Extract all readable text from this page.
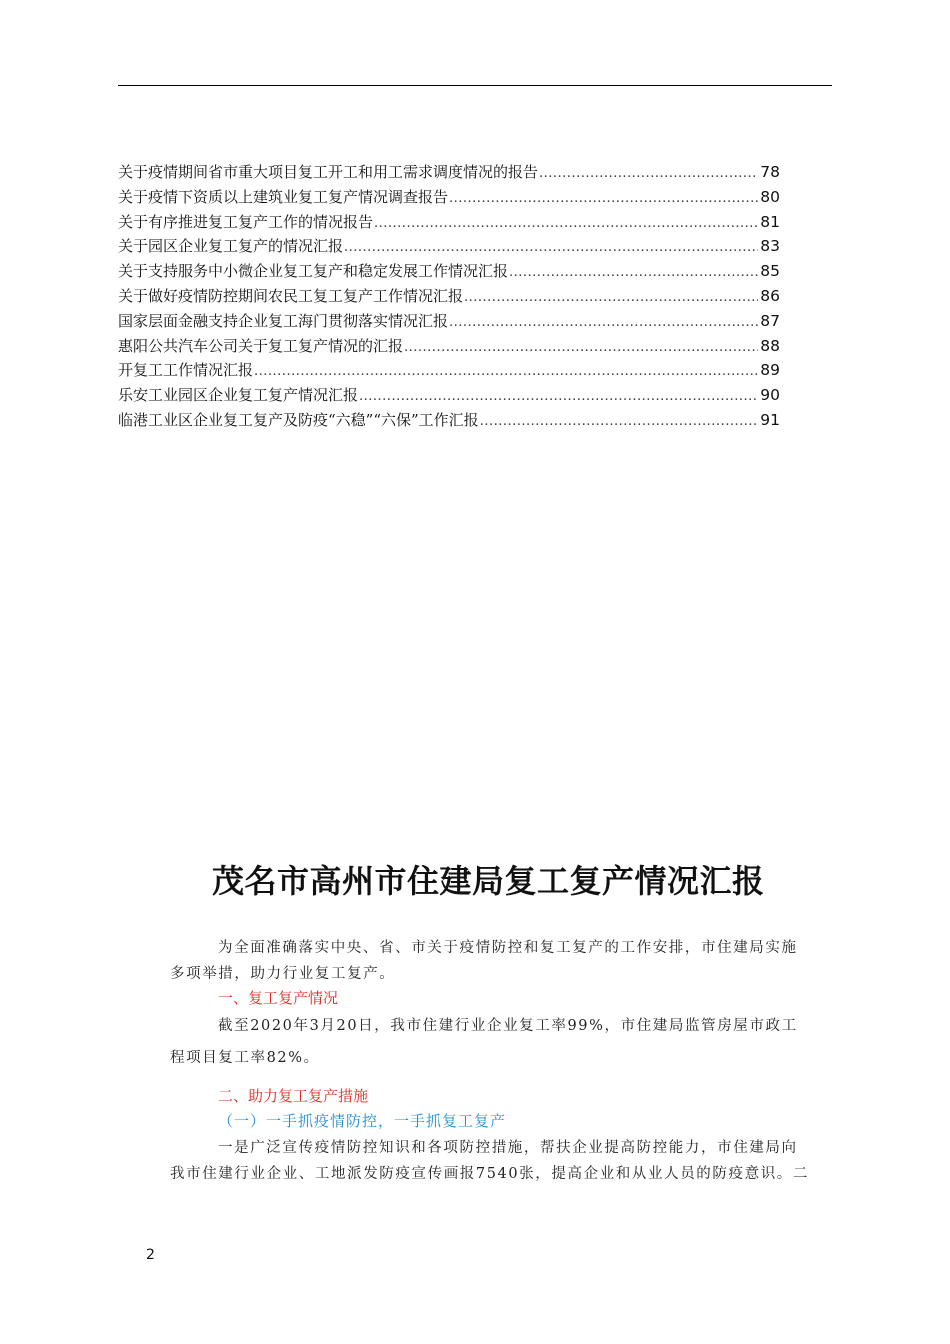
关于疫情期间省市重大项目复工开工和用工需求调度情况的报告 .....	78
关于疫情下资质以上建筑业复工复产情况调查报告 .....	80
关于有序推进复工复产工作的情况报告 .....	81
关于园区企业复工复产的情况汇报 .....	83
关于支持服务中小微企业复工复产和稳定发展工作情况汇报 .....	85
关于做好疫情防控期间农民工复工复产工作情况汇报 .....	86
国家层面金融支持企业复工海门贯彻落实情况汇报 .....	87
惠阳公共汽车公司关于复工复产情况的汇报 .....	88
开复工工作情况汇报 .....	89
乐安工业园区企业复工复产情况汇报 .....	90
临港工业区企业复工复产及防疫“六稳”“六保”工作汇报 .....	91
茂名市高州市住建局复工复产情况汇报
为全面准确落实中央、省、市关于疫情防控和复工复产的工作安排，市住建局实施
多项举措，助力行业复工复产。
一、复工复产情况
截至2020年3月20日，我市住建行业企业复工率99%，市住建局监管房屋市政工
程项目复工率82%。
二、助力复工复产措施
（一）一手抓疫情防控，一手抓复工复产
一是广泛宣传疫情防控知识和各项防控措施，帮扶企业提高防控能力，市住建局向
我市住建行业企业、工地派发防疫宣传画报7540张，提高企业和从业人员的防疫意识。二
2
